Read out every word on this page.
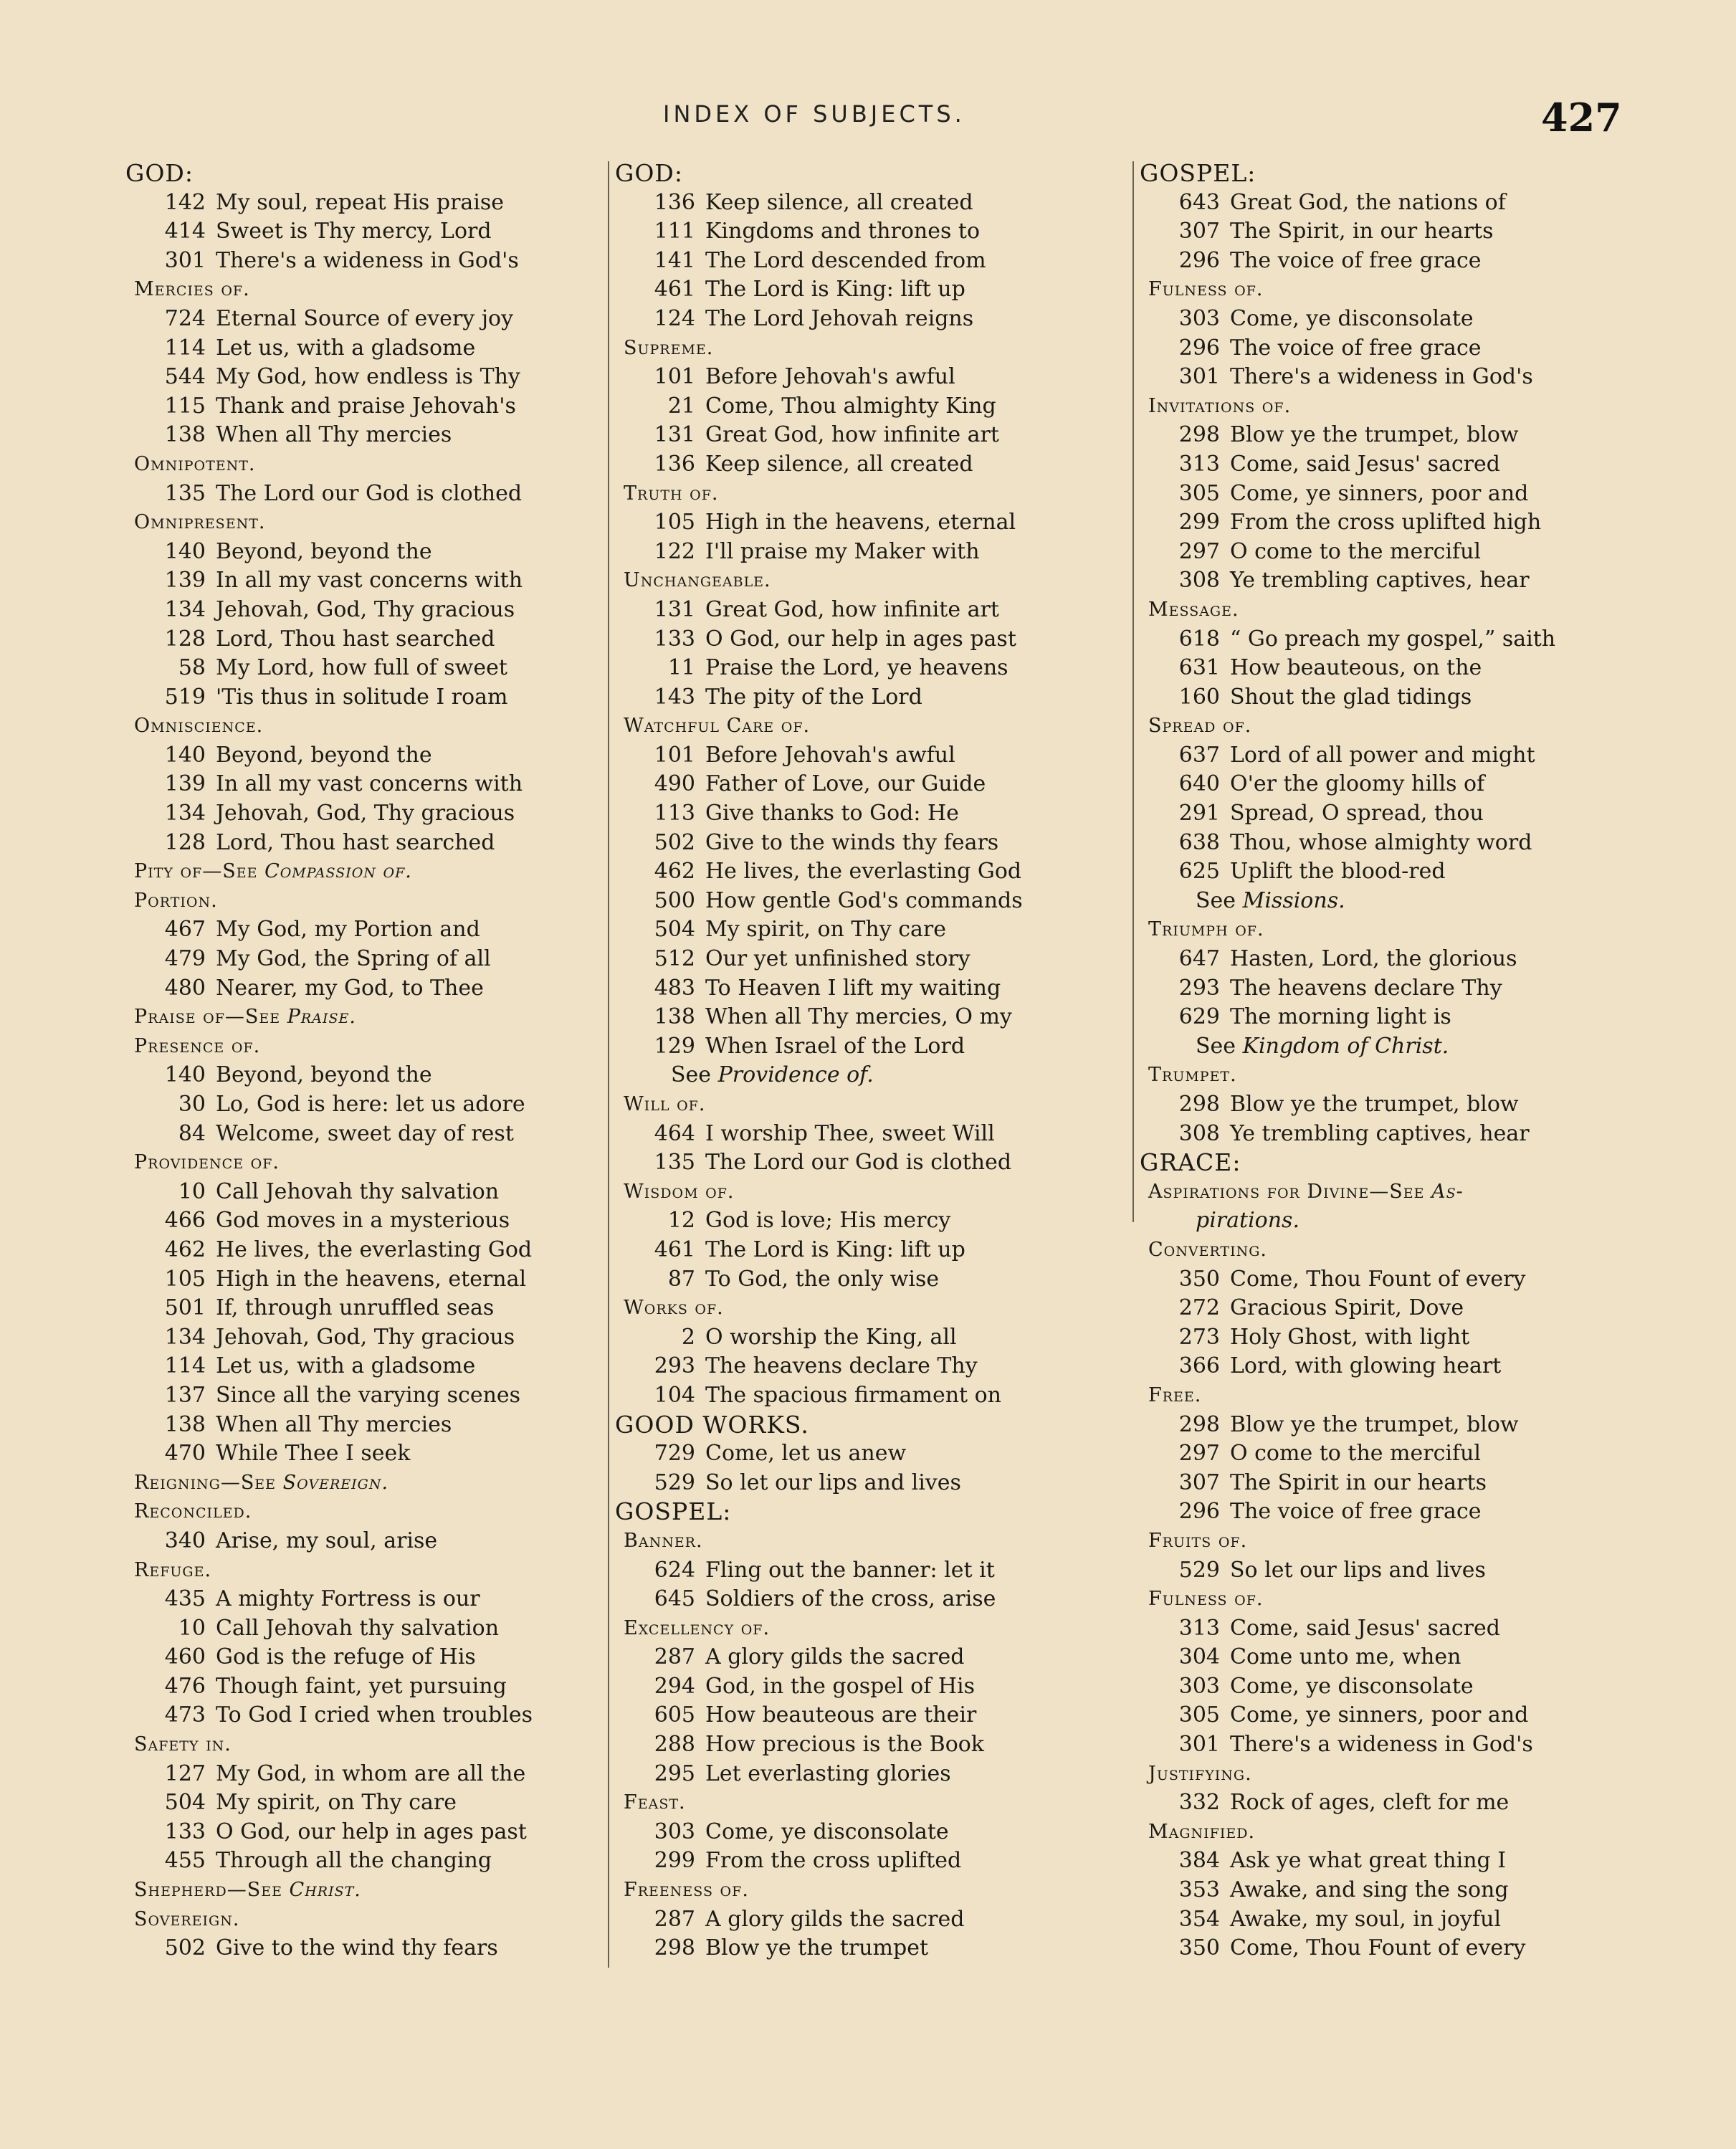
INDEX OF SUBJECTS.	427
GOD:
142 My soul, repeat His praise
414 Sweet is Thy mercy, Lord
301 There's a wideness in God's
Mercies of.
724 Eternal Source of every joy
114 Let us, with a gladsome
544 My God, how endless is Thy
115 Thank and praise Jehovah's
138 When all Thy mercies
Omnipotent.
135 The Lord our God is clothed
Omnipresent.
140 Beyond, beyond the
139 In all my vast concerns with
134 Jehovah, God, Thy gracious
128 Lord, Thou hast searched
58 My Lord, how full of sweet
519 'Tis thus in solitude I roam
Omniscience.
140 Beyond, beyond the
139 In all my vast concerns with
134 Jehovah, God, Thy gracious
128 Lord, Thou hast searched
Pity of—See Compassion of.
Portion.
467 My God, my Portion and
479 My God, the Spring of all
480 Nearer, my God, to Thee
Praise of—See Praise.
Presence of.
140 Beyond, beyond the
30 Lo, God is here: let us adore
84 Welcome, sweet day of rest
Providence of.
10 Call Jehovah thy salvation
466 God moves in a mysterious
462 He lives, the everlasting God
105 High in the heavens, eternal
501 If, through unruffled seas
134 Jehovah, God, Thy gracious
114 Let us, with a gladsome
137 Since all the varying scenes
138 When all Thy mercies
470 While Thee I seek
Reigning—See Sovereign.
Reconciled.
340 Arise, my soul, arise
Refuge.
435 A mighty Fortress is our
10 Call Jehovah thy salvation
460 God is the refuge of His
476 Though faint, yet pursuing
473 To God I cried when troubles
Safety in.
127 My God, in whom are all the
504 My spirit, on Thy care
133 O God, our help in ages past
455 Through all the changing
Shepherd—See Christ.
Sovereign.
502 Give to the wind thy fears
GOD:
136 Keep silence, all created
111 Kingdoms and thrones to
141 The Lord descended from
461 The Lord is King: lift up
124 The Lord Jehovah reigns
Supreme.
101 Before Jehovah's awful
21 Come, Thou almighty King
131 Great God, how infinite art
136 Keep silence, all created
Truth of.
105 High in the heavens, eternal
122 I'll praise my Maker with
Unchangeable.
131 Great God, how infinite art
133 O God, our help in ages past
11 Praise the Lord, ye heavens
143 The pity of the Lord
Watchful Care of.
101 Before Jehovah's awful
490 Father of Love, our Guide
113 Give thanks to God: He
502 Give to the winds thy fears
462 He lives, the everlasting God
500 How gentle God's commands
504 My spirit, on Thy care
512 Our yet unfinished story
483 To Heaven I lift my waiting
138 When all Thy mercies, O my
129 When Israel of the Lord
See Providence of.
Will of.
464 I worship Thee, sweet Will
135 The Lord our God is clothed
Wisdom of.
12 God is love; His mercy
461 The Lord is King: lift up
87 To God, the only wise
Works of.
2 O worship the King, all
293 The heavens declare Thy
104 The spacious firmament on
GOOD WORKS.
729 Come, let us anew
529 So let our lips and lives
GOSPEL:
Banner.
624 Fling out the banner: let it
645 Soldiers of the cross, arise
Excellency of.
287 A glory gilds the sacred
294 God, in the gospel of His
605 How beauteous are their
288 How precious is the Book
295 Let everlasting glories
Feast.
303 Come, ye disconsolate
299 From the cross uplifted
Freeness of.
287 A glory gilds the sacred
298 Blow ye the trumpet
GOSPEL:
643 Great God, the nations of
307 The Spirit, in our hearts
296 The voice of free grace
Fulness of.
303 Come, ye disconsolate
296 The voice of free grace
301 There's a wideness in God's
Invitations of.
298 Blow ye the trumpet, blow
313 Come, said Jesus' sacred
305 Come, ye sinners, poor and
299 From the cross uplifted high
297 O come to the merciful
308 Ye trembling captives, hear
Message.
618 “ Go preach my gospel,” saith
631 How beauteous, on the
160 Shout the glad tidings
Spread of.
637 Lord of all power and might
640 O'er the gloomy hills of
291 Spread, O spread, thou
638 Thou, whose almighty word
625 Uplift the blood-red
See Missions.
Triumph of.
647 Hasten, Lord, the glorious
293 The heavens declare Thy
629 The morning light is
See Kingdom of Christ.
Trumpet.
298 Blow ye the trumpet, blow
308 Ye trembling captives, hear
GRACE:
Aspirations for Divine—See As-
pirations.
Converting.
350 Come, Thou Fount of every
272 Gracious Spirit, Dove
273 Holy Ghost, with light
366 Lord, with glowing heart
Free.
298 Blow ye the trumpet, blow
297 O come to the merciful
307 The Spirit in our hearts
296 The voice of free grace
Fruits of.
529 So let our lips and lives
Fulness of.
313 Come, said Jesus' sacred
304 Come unto me, when
303 Come, ye disconsolate
305 Come, ye sinners, poor and
301 There's a wideness in God's
Justifying.
332 Rock of ages, cleft for me
Magnified.
384 Ask ye what great thing I
353 Awake, and sing the song
354 Awake, my soul, in joyful
350 Come, Thou Fount of every
